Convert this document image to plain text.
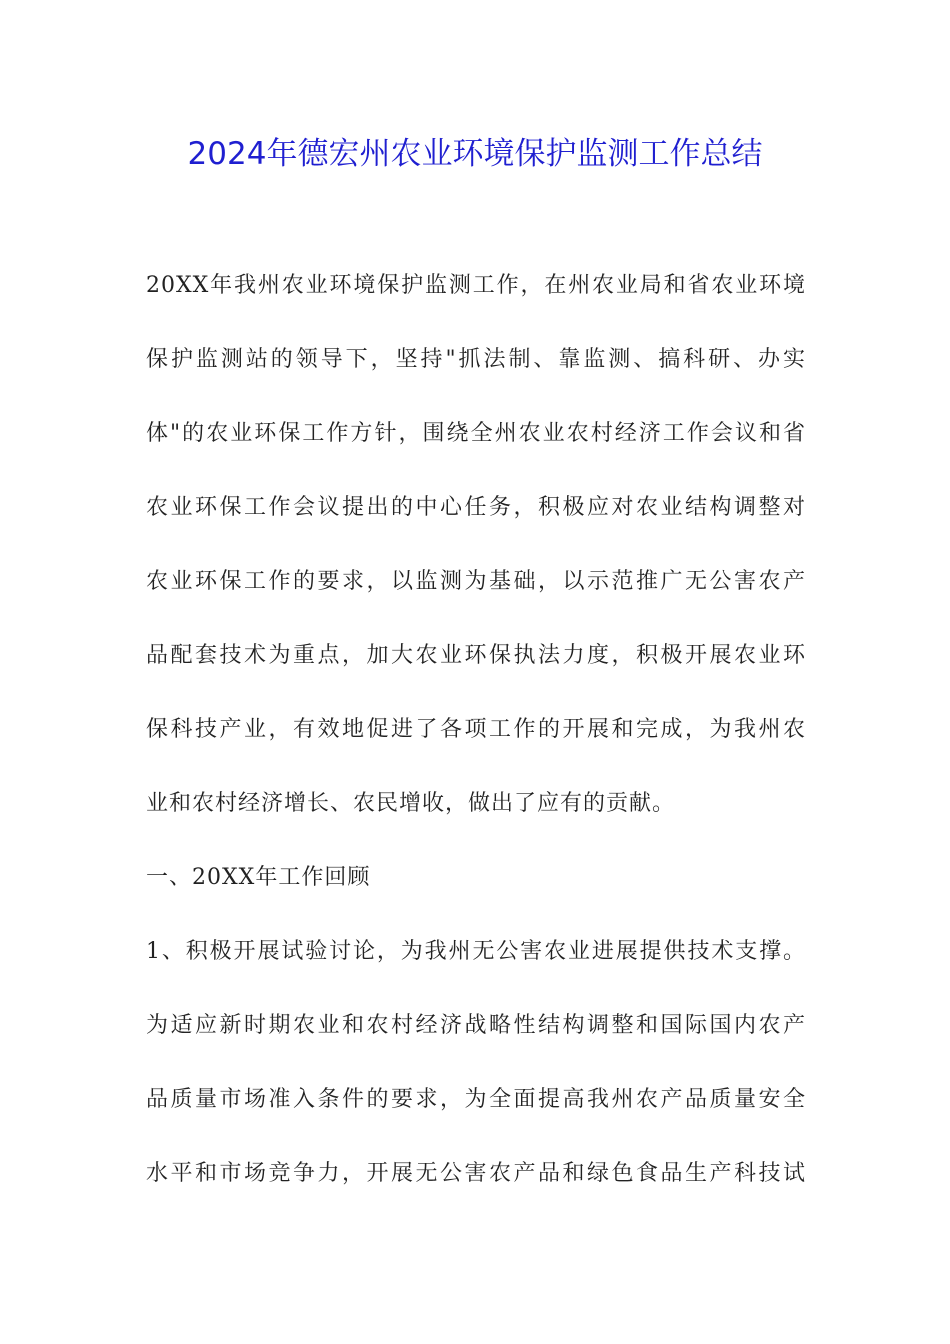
2024年德宏州农业环境保护监测工作总结
20XX年我州农业环境保护监测工作，在州农业局和省农业环境
保护监测站的领导下，坚持"抓法制、靠监测、搞科研、办实
体"的农业环保工作方针，围绕全州农业农村经济工作会议和省
农业环保工作会议提出的中心任务，积极应对农业结构调整对
农业环保工作的要求，以监测为基础，以示范推广无公害农产
品配套技术为重点，加大农业环保执法力度，积极开展农业环
保科技产业，有效地促进了各项工作的开展和完成，为我州农
业和农村经济增长、农民增收，做出了应有的贡献。
一、20XX年工作回顾
1、积极开展试验讨论，为我州无公害农业进展提供技术支撑。
为适应新时期农业和农村经济战略性结构调整和国际国内农产
品质量市场准入条件的要求，为全面提高我州农产品质量安全
水平和市场竞争力，开展无公害农产品和绿色食品生产科技试
